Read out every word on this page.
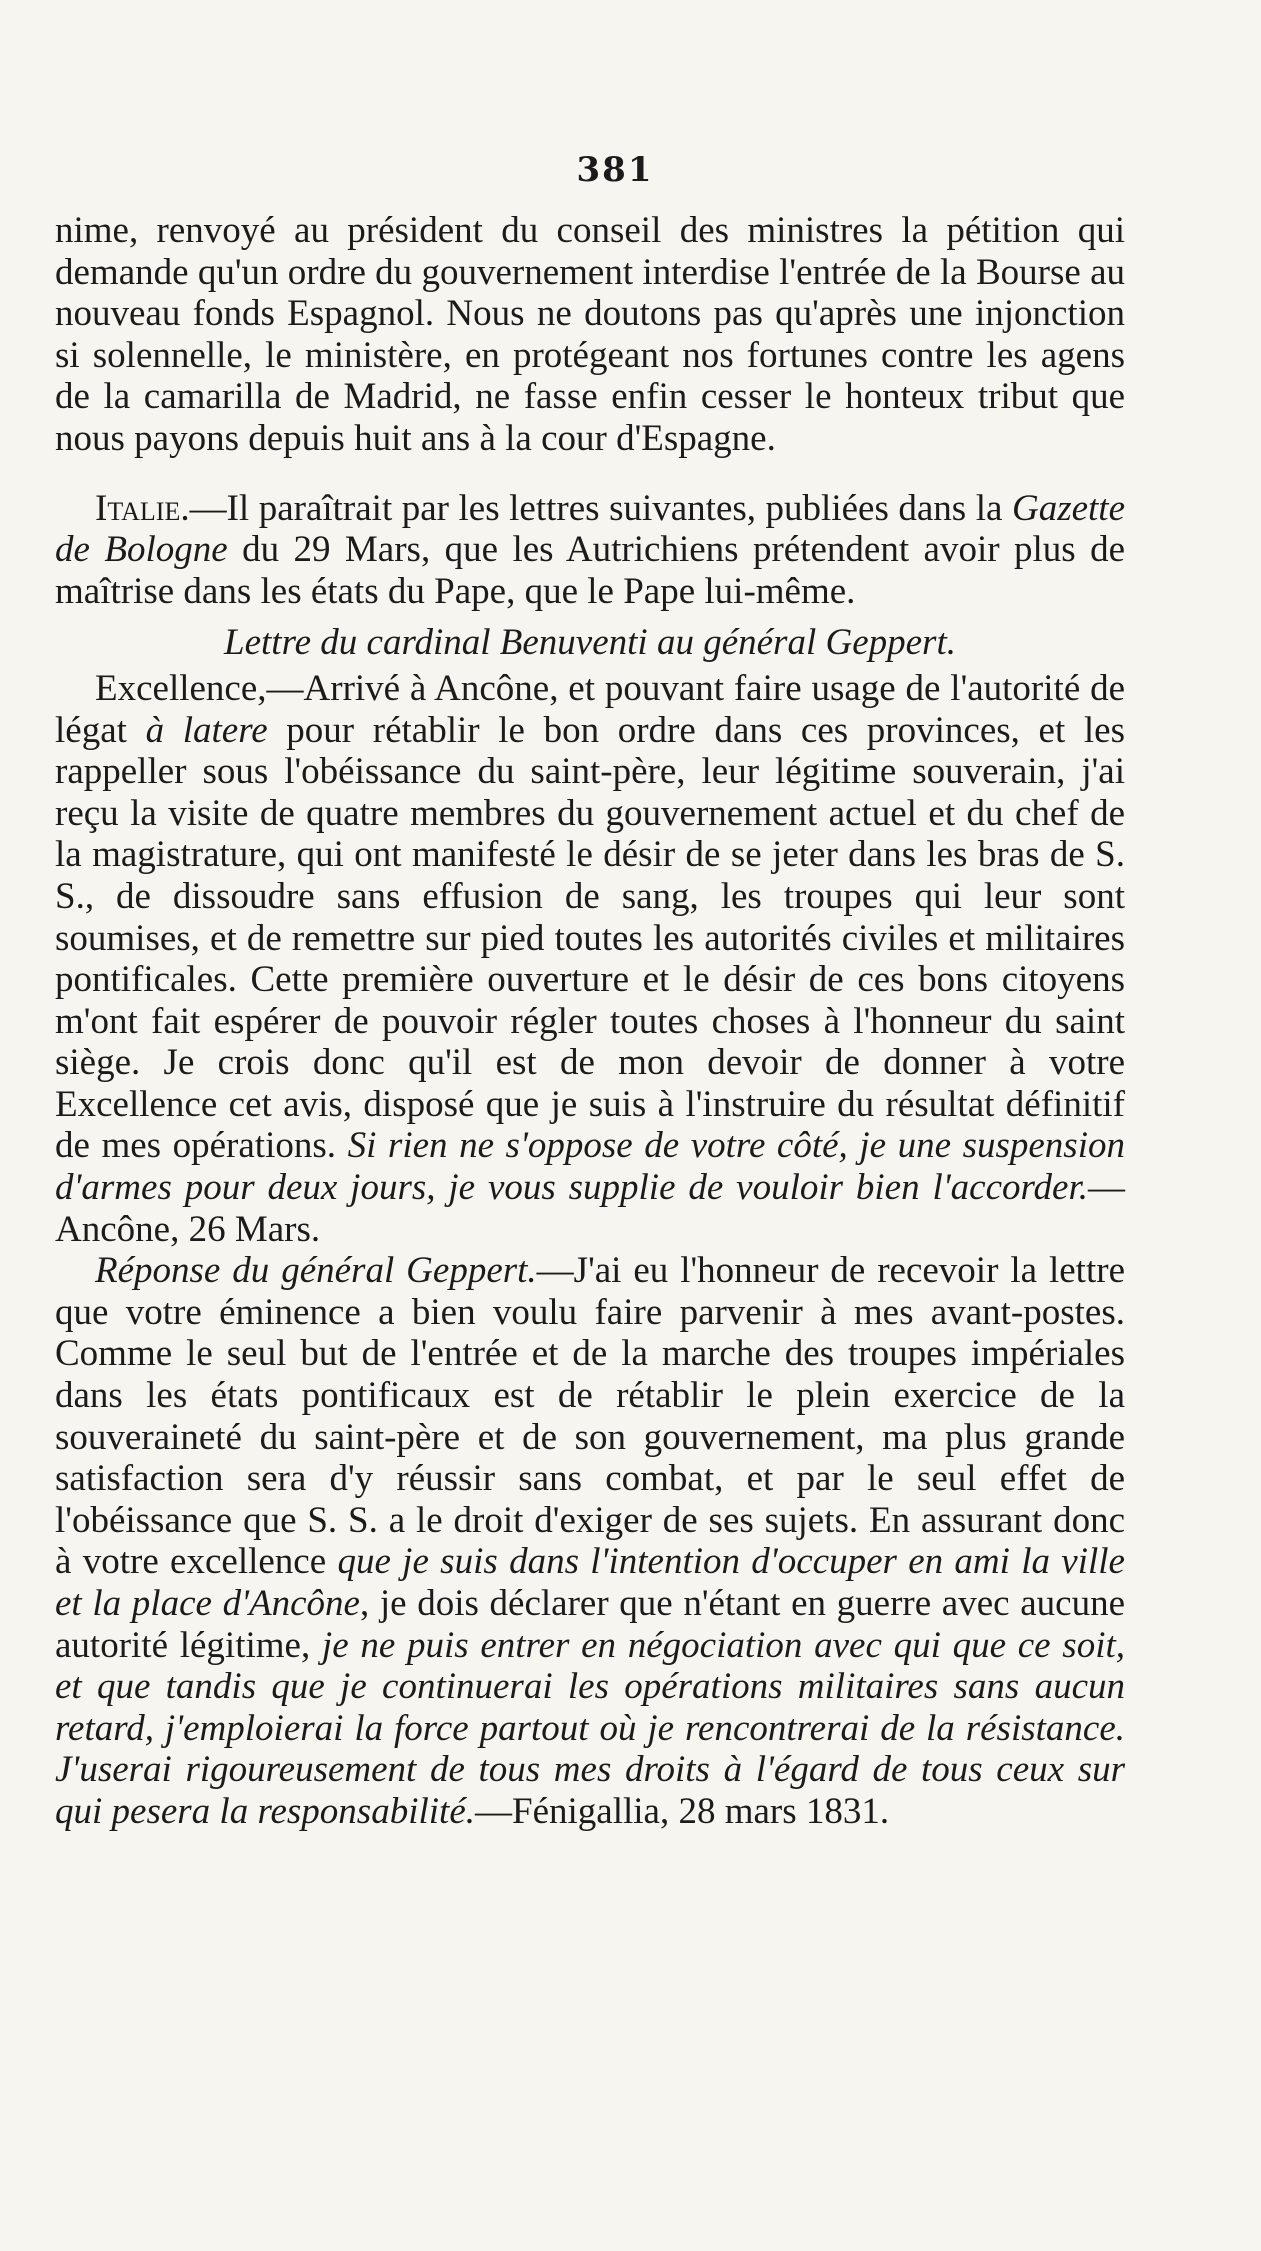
381

nime, renvoyé au président du conseil des ministres la pétition qui demande qu'un ordre du gouvernement interdise l'entrée de la Bourse au nouveau fonds Espagnol. Nous ne doutons pas qu'après une injonction si solennelle, le ministère, en protégeant nos fortunes contre les agens de la camarilla de Madrid, ne fasse enfin cesser le honteux tribut que nous payons depuis huit ans à la cour d'Espagne.

Italie.—Il paraîtrait par les lettres suivantes, publiées dans la Gazette de Bologne du 29 Mars, que les Autrichiens prétendent avoir plus de maîtrise dans les états du Pape, que le Pape lui-même.

Lettre du cardinal Benuventi au général Geppert.

Excellence,—Arrivé à Ancône, et pouvant faire usage de l'autorité de légat à latere pour rétablir le bon ordre dans ces provinces, et les rappeller sous l'obéissance du saint-père, leur légitime souverain, j'ai reçu la visite de quatre membres du gouvernement actuel et du chef de la magistrature, qui ont manifesté le désir de se jeter dans les bras de S. S., de dissoudre sans effusion de sang, les troupes qui leur sont soumises, et de remettre sur pied toutes les autorités civiles et militaires pontificales. Cette première ouverture et le désir de ces bons citoyens m'ont fait espérer de pouvoir régler toutes choses à l'honneur du saint siège. Je crois donc qu'il est de mon devoir de donner à votre Excellence cet avis, disposé que je suis à l'instruire du résultat définitif de mes opérations. Si rien ne s'oppose de votre côté, je une suspension d'armes pour deux jours, je vous supplie de vouloir bien l'accorder.—Ancône, 26 Mars.

Réponse du général Geppert.—J'ai eu l'honneur de recevoir la lettre que votre éminence a bien voulu faire parvenir à mes avant-postes. Comme le seul but de l'entrée et de la marche des troupes impériales dans les états pontificaux est de rétablir le plein exercice de la souveraineté du saint-père et de son gouvernement, ma plus grande satisfaction sera d'y réussir sans combat, et par le seul effet de l'obéissance que S. S. a le droit d'exiger de ses sujets. En assurant donc à votre excellence que je suis dans l'intention d'occuper en ami la ville et la place d'Ancône, je dois déclarer que n'étant en guerre avec aucune autorité légitime, je ne puis entrer en négociation avec qui que ce soit, et que tandis que je continuerai les opérations militaires sans aucun retard, j'emploierai la force partout où je rencontrerai de la résistance. J'userai rigoureusement de tous mes droits à l'égard de tous ceux sur qui pesera la responsabilité.—Fénigallia, 28 mars 1831.
